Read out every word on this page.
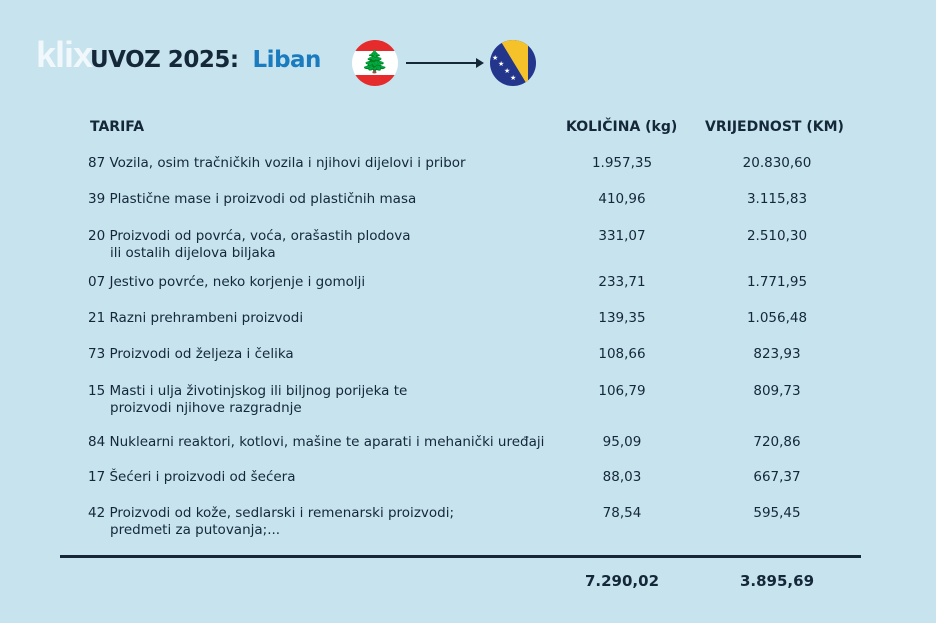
klix
UVOZ 2025: Liban	🌲	★
★
★
★
TARIFA	KOLIČINA (kg) VRIJEDNOST (KM)
87 Vozila, osim tračničkih vozila i njihovi dijelovi i pribor	1.957,35	20.830,60
39 Plastične mase i proizvodi od plastičnih masa	410,96	3.115,83
20 Proizvodi od povrća, voća, orašastih plodova
ili ostalih dijelova biljaka
331,07	2.510,30
07 Jestivo povrće, neko korjenje i gomolji	233,71	1.771,95
21 Razni prehrambeni proizvodi	139,35	1.056,48
73 Proizvodi od željeza i čelika	108,66	823,93
15 Masti i ulja životinjskog ili biljnog porijeka te
proizvodi njihove razgradnje
106,79	809,73
84 Nuklearni reaktori, kotlovi, mašine te aparati i mehanički uređaji	95,09	720,86
17 Šećeri i proizvodi od šećera	88,03	667,37
42 Proizvodi od kože, sedlarski i remenarski proizvodi;
predmeti za putovanja;...
78,54	595,45
7.290,02	3.895,69
